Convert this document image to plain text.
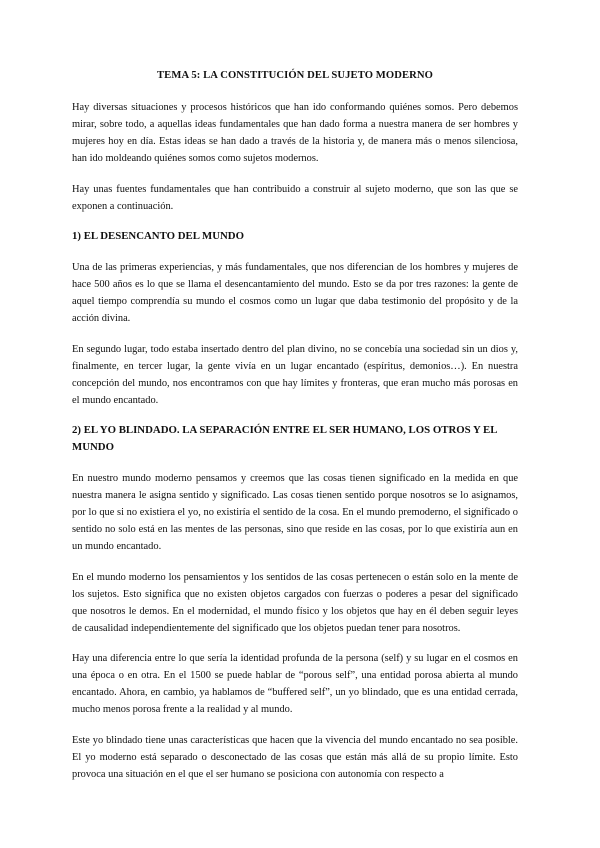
TEMA 5: LA CONSTITUCIÓN DEL SUJETO MODERNO

Hay diversas situaciones y procesos históricos que han ido conformando quiénes somos. Pero debemos mirar, sobre todo, a aquellas ideas fundamentales que han dado forma a nuestra manera de ser hombres y mujeres hoy en día. Estas ideas se han dado a través de la historia y, de manera más o menos silenciosa, han ido moldeando quiénes somos como sujetos modernos.

Hay unas fuentes fundamentales que han contribuido a construir al sujeto moderno, que son las que se exponen a continuación.

1) EL DESENCANTO DEL MUNDO

Una de las primeras experiencias, y más fundamentales, que nos diferencian de los hombres y mujeres de hace 500 años es lo que se llama el desencantamiento del mundo. Esto se da por tres razones: la gente de aquel tiempo comprendía su mundo el cosmos como un lugar que daba testimonio del propósito y de la acción divina.

En segundo lugar, todo estaba insertado dentro del plan divino, no se concebía una sociedad sin un dios y, finalmente, en tercer lugar, la gente vivía en un lugar encantado (espíritus, demonios…). En nuestra concepción del mundo, nos encontramos con que hay límites y fronteras, que eran mucho más porosas en el mundo encantado.

2) EL YO BLINDADO. LA SEPARACIÓN ENTRE EL SER HUMANO, LOS OTROS Y EL MUNDO

En nuestro mundo moderno pensamos y creemos que las cosas tienen significado en la medida en que nuestra manera le asigna sentido y significado. Las cosas tienen sentido porque nosotros se lo asignamos, por lo que si no existiera el yo, no existiría el sentido de la cosa. En el mundo premoderno, el significado o sentido no solo está en las mentes de las personas, sino que reside en las cosas, por lo que existiría aun en un mundo encantado.

En el mundo moderno los pensamientos y los sentidos de las cosas pertenecen o están solo en la mente de los sujetos. Esto significa que no existen objetos cargados con fuerzas o poderes a pesar del significado que nosotros le demos. En el modernidad, el mundo físico y los objetos que hay en él deben seguir leyes de causalidad independientemente del significado que los objetos puedan tener para nosotros.

Hay una diferencia entre lo que sería la identidad profunda de la persona (self) y su lugar en el cosmos en una época o en otra. En el 1500 se puede hablar de “porous self”, una entidad porosa abierta al mundo encantado. Ahora, en cambio, ya hablamos de “buffered self”, un yo blindado, que es una entidad cerrada, mucho menos porosa frente a la realidad y al mundo.

Este yo blindado tiene unas características que hacen que la vivencia del mundo encantado no sea posible. El yo moderno está separado o desconectado de las cosas que están más allá de su propio límite. Esto provoca una situación en el que el ser humano se posiciona con autonomía con respecto a
